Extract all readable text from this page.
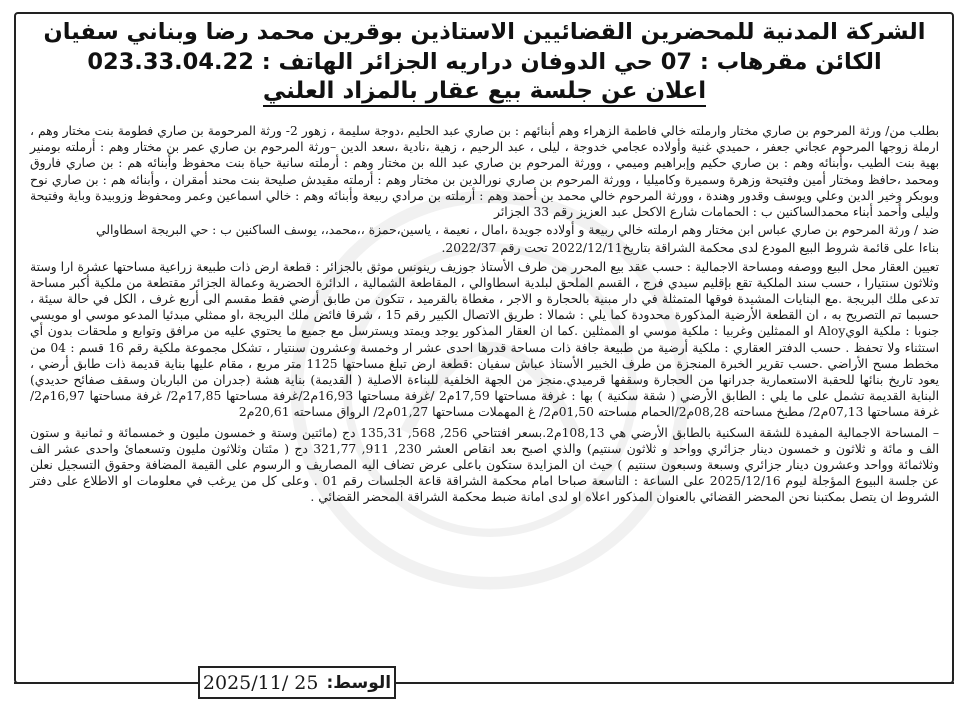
الشركة المدنية للمحضرين القضائيين الاستاذين بوقرين محمد رضا وبناني سفيان
الكائن مقرهاب : 07 حي الدوفان دراريه الجزائر الهاتف : 023.33.04.22
اعلان عن جلسة بيع عقار بالمزاد العلني

بطلب من/ ورثة المرحوم بن صاري مختار وارملته خالي فاطمة الزهراء وهم أبنائهم : بن صاري عبد الحليم ،دوجة سليمة ، زهور 2- ورثة المرحومة بن صاري فطومة بنت مختار وهم ، ارملة زوجها المرحوم عجاني جعفر ، حميدي غنية وأولاده عجامي خدوجة ، ليلى ، عبد الرحيم ، زهية ،نادية ،سعد الدين –ورثة المرحوم بن صاري عمر بن مختار وهم : أرملته بومنير بهية بنت الطيب ،وأبنائه وهم : بن صاري حكيم وإبراهيم وميمي ، وورثة المرحوم بن صاري عبد الله بن مختار وهم : أرملته سانية حياة بنت محفوظ وأبنائه هم : بن صاري فاروق ومحمد ،حافظ ومختار أمين وفتيحة وزهرة وسميرة وكاميليا ، وورثة المرحوم بن صاري نورالدين بن مختار وهم : أرملته مقيدش صليحة بنت محند أمقران ، وأبنائه هم : بن صاري نوح وبوبكر وخير الدين وعلي ويوسف وقدور وهندة ، وورثة المرحوم خالي محمد بن أحمد وهم : أرملته بن مرادي ربيعة وأبنائه وهم : خالي اسماعين وعمر ومحفوظ وزوبيدة وباية وفتيحة وليلى وأحمد أبناء محمدالساكنين ب : الحمامات شارع الاكحل عبد العزيز رقم 33 الجزائر

ضد / ورثة المرحوم بن صاري عباس ابن مختار وهم ارملته خالي ربيعة و أولاده جويدة ،امال ، نعيمة ، ياسين،حمزة ،،محمد،، يوسف الساكنين ب : حي البريجة اسطاوالي

بناءا على قائمة شروط البيع المودع لدى محكمة الشراقة بتاريخ2022/12/11 تحت رقم 2022/37.

تعيين العقار محل البيع ووصفه ومساحة الاجمالية : حسب عقد بيع المحرر من طرف الأستاذ جوزيف رينونس موثق بالجزائر : قطعة ارض ذات طبيعة زراعية مساحتها عشرة ارا وستة وثلاثون سنتيارا ، حسب سند الملكية تقع بإقليم سيدي فرج ، القسم الملحق لبلدية اسطاوالي ، المقاطعة الشمالية ، الدائرة الحضرية وعمالة الجزائر مقتطعة من ملكية أكبر مساحة تدعى ملك البريجة .مع البنايات المشيدة فوقها المتمثلة في دار مبنية بالحجارة و الاجر ، مغطاة بالقرميد ، تتكون من طابق أرضي فقط مقسم الى أربع غرف ، الكل في حالة سيئة ، حسبما تم التصريح به ، ان القطعة الأرضية المذكورة محدودة كما يلي : شمالا : طريق الاتصال الكبير رقم 15 ، شرقا فائض ملك البريجة ،او ممثلي مبدئيا المدعو موسي او مويسي جنوبا : ملكية الويAloy او الممثلين وغربيا : ملكية موسي او الممثلين .كما ان العقار المذكور يوجد ويمتد ويسترسل مع جميع ما يحتوي عليه من مرافق وتوابع و ملحقات بدون أي استثناء ولا تحفظ . حسب الدفتر العقاري : ملكية أرضية من طبيعة جافة ذات مساحة قدرها احدى عشر ار وخمسة وعشرون سنتيار ، تشكل مجموعة ملكية رقم 16 قسم : 04 من مخطط مسح الأراضي .حسب تقرير الخبرة المنجزة من طرف الخبير الأستاذ عباش سفيان :قطعة ارض تبلغ مساحتها 1125 متر مربع ، مقام عليها بناية قديمة ذات طابق أرضي ، يعود تاريخ بنائها للحقبة الاستعمارية جدرانها من الحجارة وسقفها قرميدي.منجز من الجهة الخلفية للبناءة الاصلية ( القديمة) بناية هشة (جدران من الباربان وسقف صفائح حديدي) البناية القديمة تشمل على ما يلي : الطابق الأرضي ( شقة سكنية ) بها : غرفة مساحتها 17,59م2 /غرفة مساحتها 16,93م2/غرفة مساحتها 17,85م2/ غرفة مساحتها 16,97م2/ غرفة مساحتها 07,13م2/ مطبخ مساحته 08,28م2/الحمام مساحته 01,50م2/ غ المهملات مساحتها 01,27م2/ الرواق مساحته 20,61م2

– المساحة الاجمالية المفيدة للشقة السكنية بالطابق الأرضي هي 108,13م2.بسعر افتتاحي 256, 568, 135,31 دج (مائتين وستة و خمسون مليون و خمسمائة و ثمانية و ستون الف و مائة و ثلاثون و خمسون دينار جزائري وواحد و ثلاثون سنتيم) والذي اصبح بعد انقاص العشر 230, 911, 321,77 دج ( مئتان وثلاثون مليون وتسعمائ واحدى عشر الف وثلاثمائة وواحد وعشرون دينار جزائري وسبعة وسبعون سنتيم ) حيث ان المزايدة ستكون باعلى عرض تضاف اليه المصاريف و الرسوم على القيمة المضافة وحقوق التسجيل نعلن عن جلسة البيوع المؤجلة ليوم 2025/12/16 على الساعة : التاسعة صباحا امام محكمة الشراقة قاعة الجلسات رقم 01 . وعلى كل من يرغب في معلومات او الاطلاع على دفتر الشروط ان يتصل بمكتبنا نحن المحضر القضائي بالعنوان المذكور اعلاه او لدى امانة ضبط محكمة الشراقة المحضر القضائي .

الوسط:
2025/11/ 25
